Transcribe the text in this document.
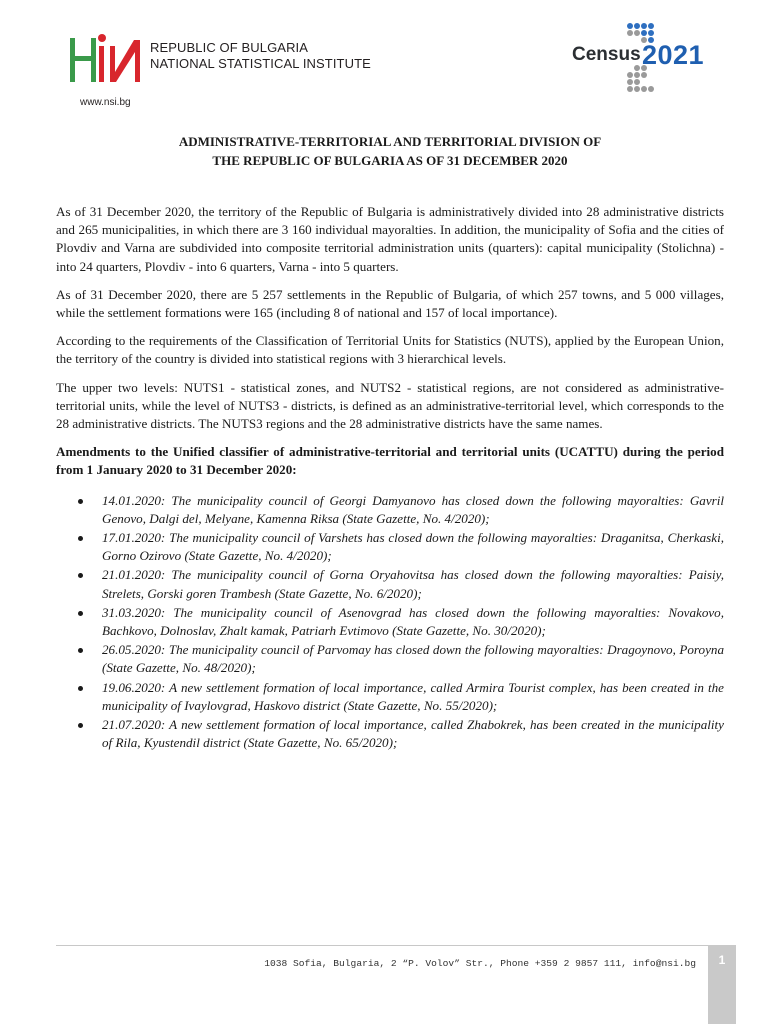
REPUBLIC OF BULGARIA
NATIONAL STATISTICAL INSTITUTE
www.nsi.bg
Census 2021
ADMINISTRATIVE-TERRITORIAL AND TERRITORIAL DIVISION OF
THE REPUBLIC OF BULGARIA AS OF 31 DECEMBER 2020

As of 31 December 2020, the territory of the Republic of Bulgaria is administratively divided into 28 administrative districts and 265 municipalities, in which there are 3 160 individual mayoralties. In addition, the municipality of Sofia and the cities of Plovdiv and Varna are subdivided into composite territorial administration units (quarters): capital municipality (Stolichna) - into 24 quarters, Plovdiv - into 6 quarters, Varna - into 5 quarters.

As of 31 December 2020, there are 5 257 settlements in the Republic of Bulgaria, of which 257 towns, and 5 000 villages, while the settlement formations were 165 (including 8 of national and 157 of local importance).

According to the requirements of the Classification of Territorial Units for Statistics (NUTS), applied by the European Union, the territory of the country is divided into statistical regions with 3 hierarchical levels.

The upper two levels: NUTS1 - statistical zones, and NUTS2 - statistical regions, are not considered as administrative-territorial units, while the level of NUTS3 - districts, is defined as an administrative-territorial level, which corresponds to the 28 administrative districts. The NUTS3 regions and the 28 administrative districts have the same names.

Amendments to the Unified classifier of administrative-territorial and territorial units (UCATTU) during the period from 1 January 2020 to 31 December 2020:

14.01.2020: The municipality council of Georgi Damyanovo has closed down the following mayoralties: Gavril Genovo, Dalgi del, Melyane, Kamenna Riksa (State Gazette, No. 4/2020);
17.01.2020: The municipality council of Varshets has closed down the following mayoralties: Draganitsa, Cherkaski, Gorno Ozirovo (State Gazette, No. 4/2020);
21.01.2020: The municipality council of Gorna Oryahovitsa has closed down the following mayoralties: Paisiy, Strelets, Gorski goren Trambesh (State Gazette, No. 6/2020);
31.03.2020: The municipality council of Asenovgrad has closed down the following mayoralties: Novakovo, Bachkovo, Dolnoslav, Zhalt kamak, Patriarh Evtimovo (State Gazette, No. 30/2020);
26.05.2020: The municipality council of Parvomay has closed down the following mayoralties: Dragoynovo, Poroyna (State Gazette, No. 48/2020);
19.06.2020: A new settlement formation of local importance, called Armira Tourist complex, has been created in the municipality of Ivaylovgrad, Haskovo district (State Gazette, No. 55/2020);
21.07.2020: A new settlement formation of local importance, called Zhabokrek, has been created in the municipality of Rila, Kyustendil district (State Gazette, No. 65/2020);
1038 Sofia, Bulgaria, 2 “P. Volov” Str., Phone +359 2 9857 111, info@nsi.bg	1
